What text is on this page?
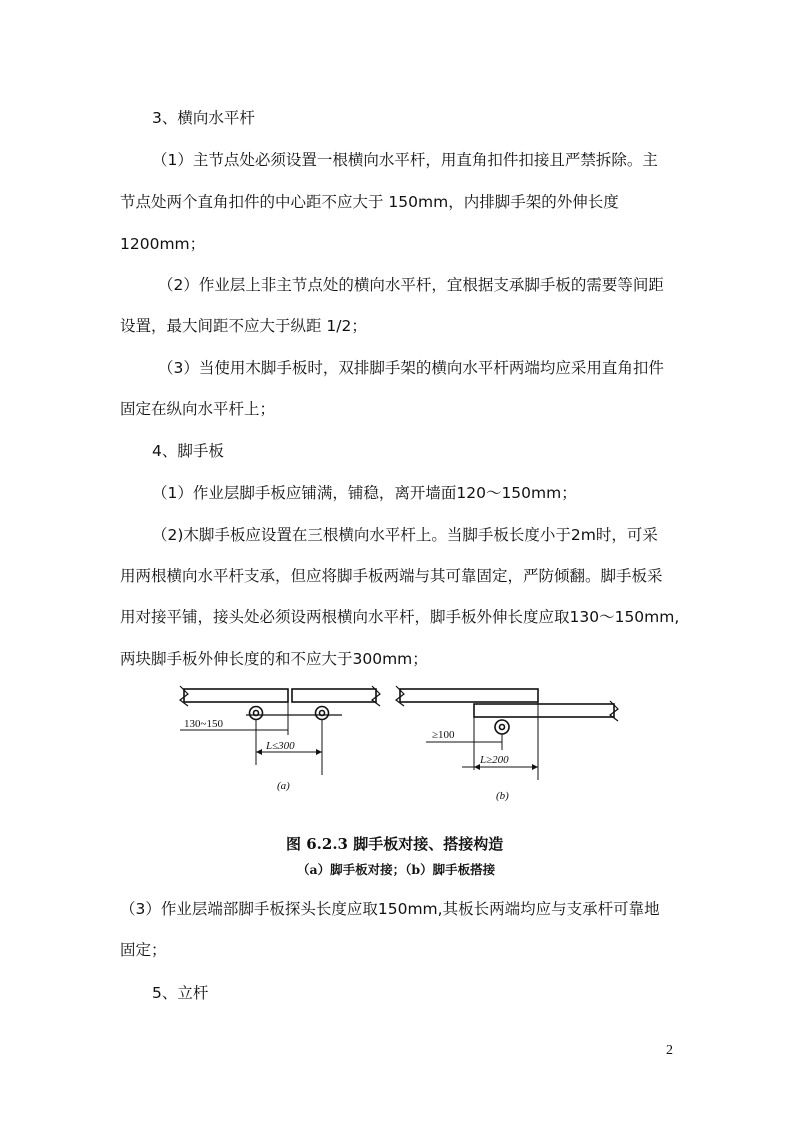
3、横向水平杆
（1）主节点处必须设置一根横向水平杆，用直角扣件扣接且严禁拆除。主
节点处两个直角扣件的中心距不应大于 150mm，内排脚手架的外伸长度
1200mm；
（2）作业层上非主节点处的横向水平杆，宜根据支承脚手板的需要等间距
设置，最大间距不应大于纵距 1/2；
（3）当使用木脚手板时，双排脚手架的横向水平杆两端均应采用直角扣件
固定在纵向水平杆上；
4、脚手板
（1）作业层脚手板应铺满，铺稳，离开墙面120～150mm；
（2)木脚手板应设置在三根横向水平杆上。当脚手板长度小于2m时，可采
用两根横向水平杆支承，但应将脚手板两端与其可靠固定，严防倾翻。脚手板采
用对接平铺，接头处必须设两根横向水平杆，脚手板外伸长度应取130～150mm,
两块脚手板外伸长度的和不应大于300mm；
（3）作业层端部脚手板探头长度应取150mm,其板长两端均应与支承杆可靠地
固定；
5、立杆
130~150
L≤300
(a)
≥100
L≥200
(b)
图 6.2.3 脚手板对接、搭接构造
（a）脚手板对接；（b）脚手板搭接
2
